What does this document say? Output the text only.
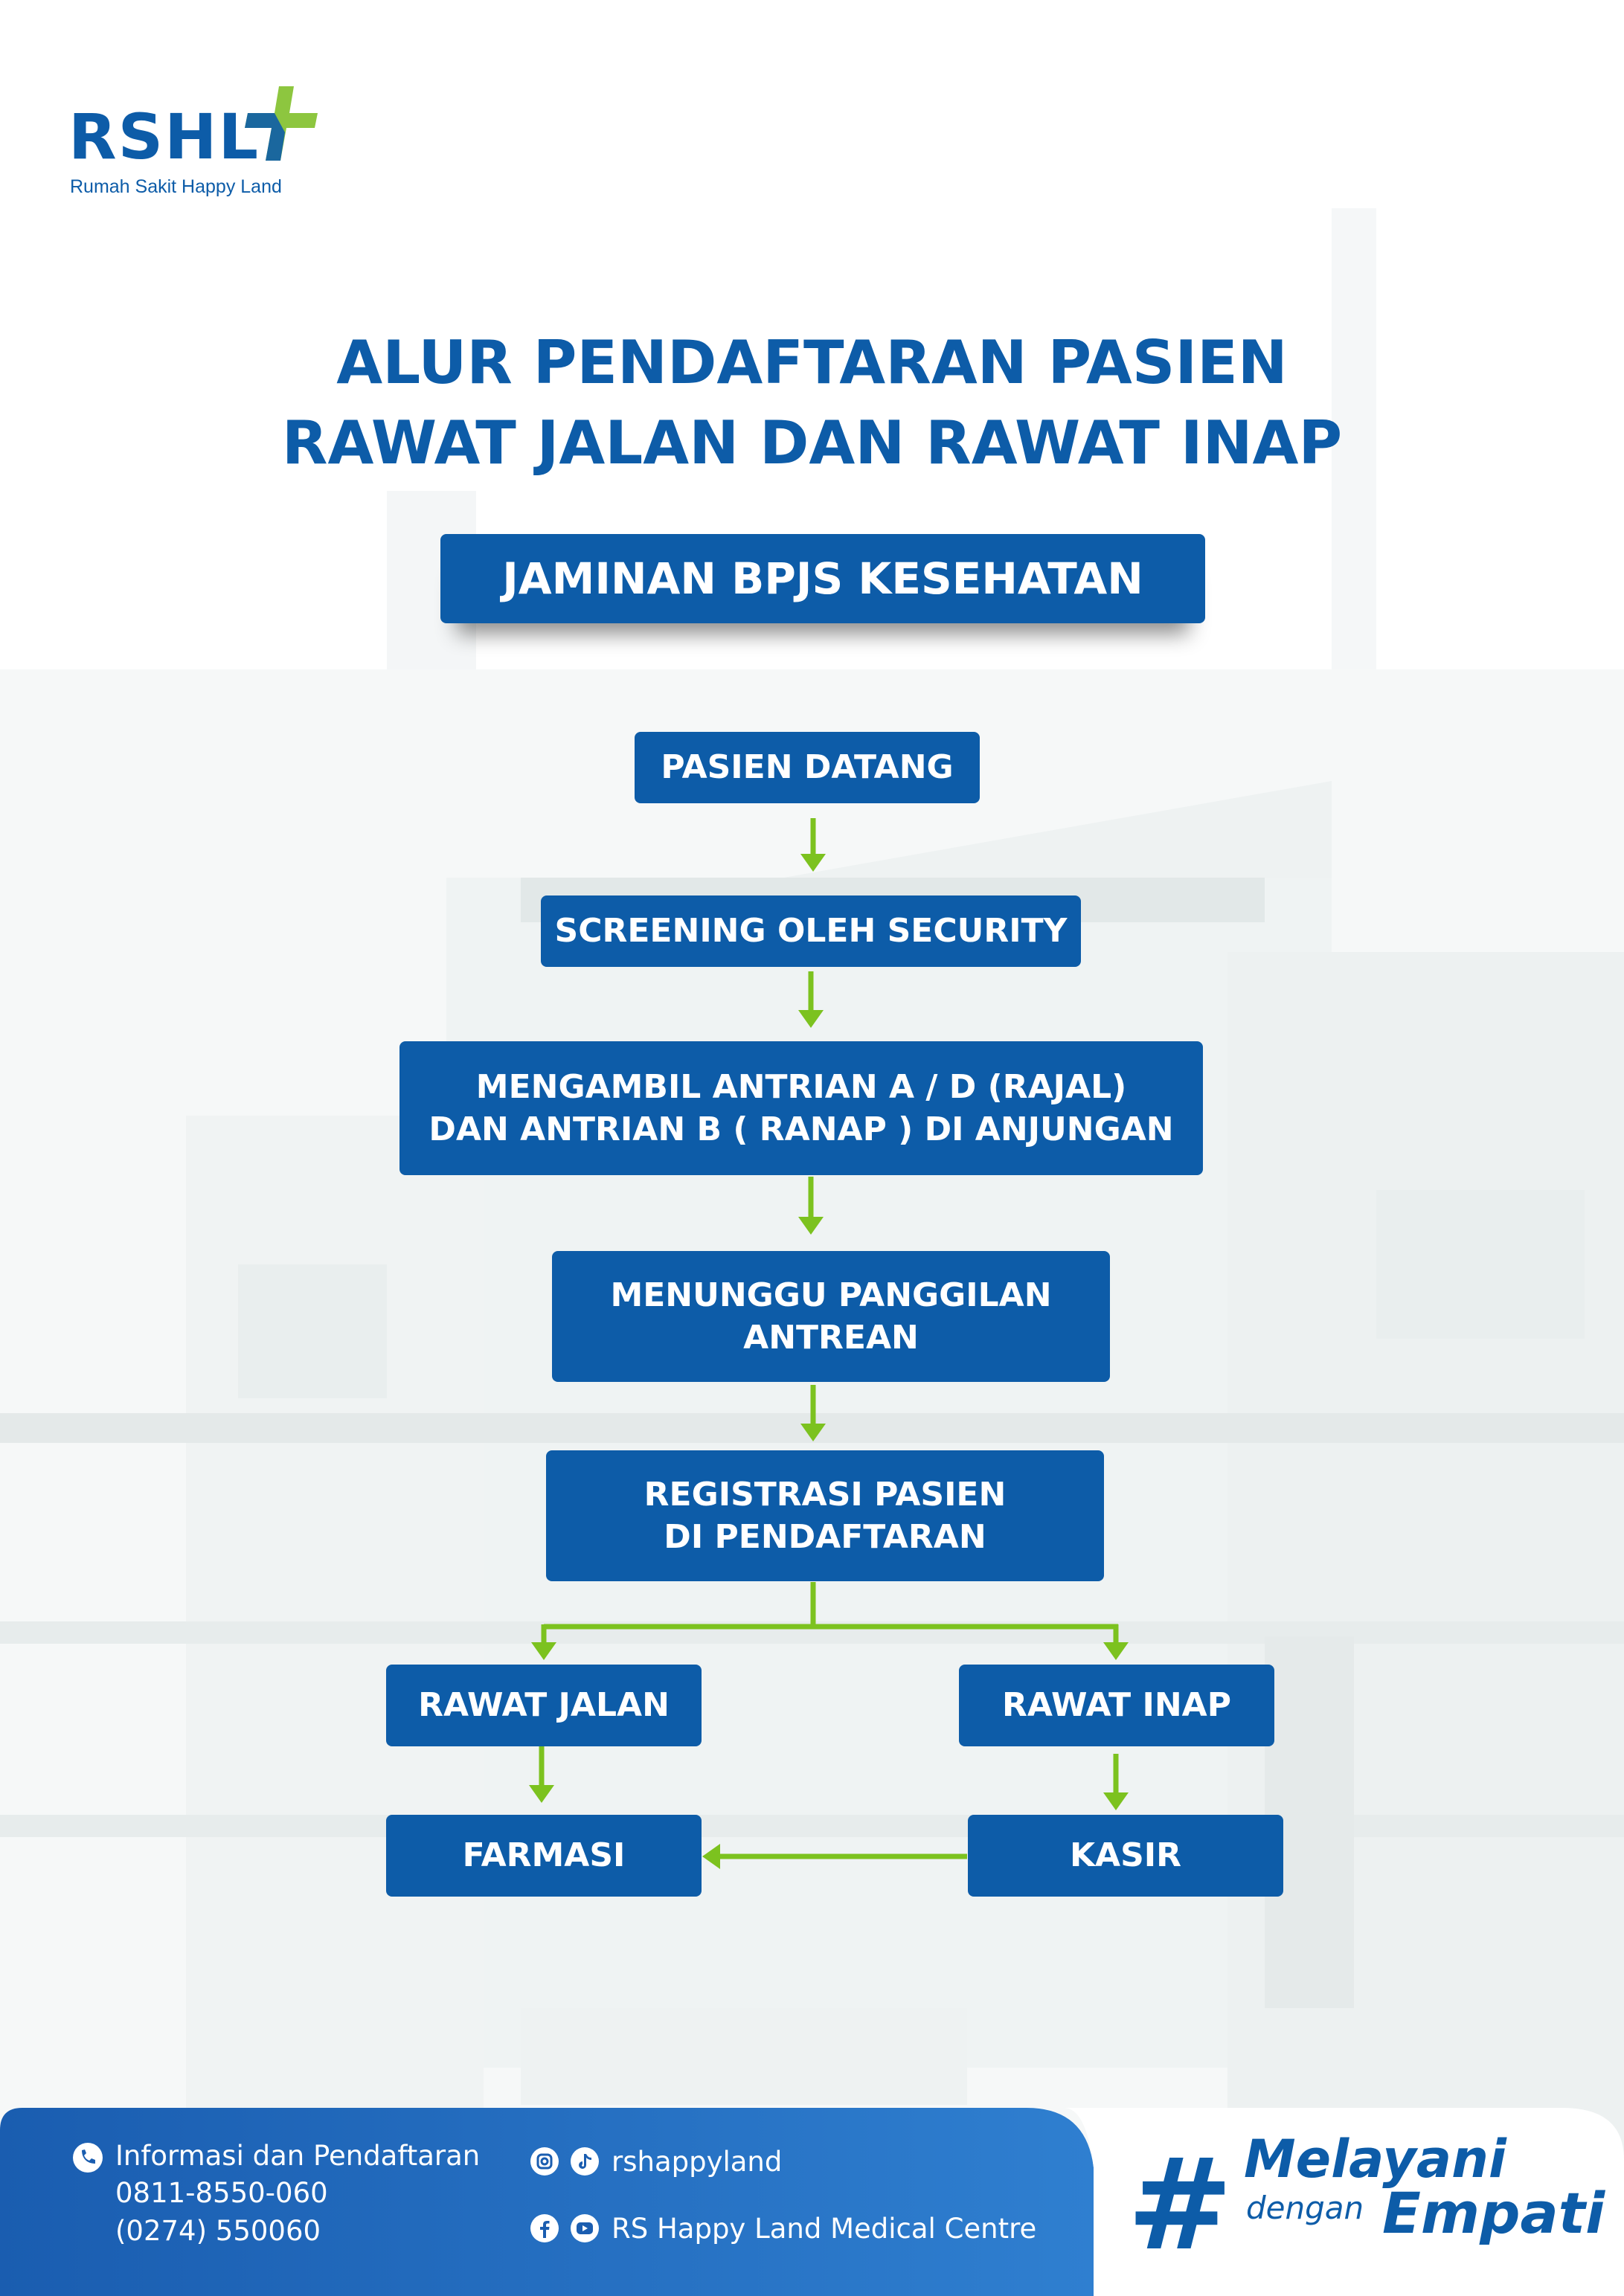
RSHL
Rumah Sakit Happy Land
ALUR PENDAFTARAN PASIEN
RAWAT JALAN DAN RAWAT INAP
JAMINAN BPJS KESEHATAN
PASIEN DATANG
SCREENING OLEH SECURITY
MENGAMBIL ANTRIAN A / D (RAJAL)
DAN ANTRIAN B ( RANAP ) DI ANJUNGAN
MENUNGGU PANGGILAN
ANTREAN
REGISTRASI PASIEN
DI PENDAFTARAN
RAWAT JALAN	RAWAT INAP
FARMASI	KASIR
Informasi dan Pendaftaran
0811-8550-060
(0274) 550060
rshappyland
RS Happy Land Medical Centre # Melayani
dengan Empati
